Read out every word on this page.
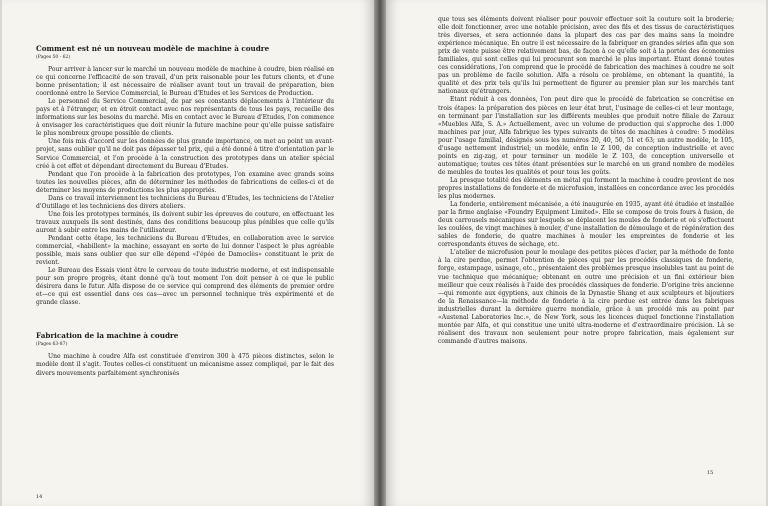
Comment est né un nouveau modèle de machine à coudre
(Pages 50 - 62)

Pour arriver à lancer sur le marché un nouveau modèle de machine à coudre, bien réalisé en ce qui concerne l'efficacité de son travail, d'un prix raisonable pour les futurs clients, et d'une bonne présentation; il est nécessaire de réaliser avant tout un travail de préparation, bien coordonné entre le Service Commercial, le Bureau d'Etudes et les Services de Production.

Le personnel du Service Commercial, de par ses constants déplacements à l'intérieur du pays et à l'étranger, et en étroit contact avec nos représentants de tous les pays, recueille des informations sur les besoins du marché. Mis en contact avec le Bureau d'Etudes, l'on commence à envisager les caractéristiques que doit réunir la future machine pour qu'elle puisse satisfaire le plus nombreux groupe possible de clients.

Une fois mis d'accord sur les données de plus grande importance, on met au point un avant-projet, sans oublier qu'il ne doit pas dépasser tel prix, qui a été donné à titre d'orientation par le Service Commercial, et l'on procède à la construction des prototypes dans un atelier spécial créé à cet effet et dépendant directement du Bureau d'Etudes.

Pendant que l'on procède à la fabrication des prototypes, l'on examine avec grands soins toutes les nouvelles pièces, afin de déterminer les méthodes de fabrications de celles-ci et de déterminer les moyens de productions les plus appropriés.

Dans ce travail interviennent les techniciens du Bureau d'Etudes, les techniciens de l'Atelier d'Outillage et les techniciens des divers ateliers.

Une fois les prototypes terminés, ils doivent subir les épreuves de couture, en effectuant les travaux auxquels ils sont destinés, dans des conditions beaucoup plus pénibles que celle qu'ils auront à subir entre les mains de l'utilisateur.

Pendant cette étape, les techniciens du Bureau d'Etudes, en collaboration avec le service commercial, «habillent» la machine, essayant en sorte de lui donner l'aspect le plus agréable possible, mais sans oublier que sur elle dépend «l'épée de Damoclès» constituant le prix de revient.

Le Bureau des Essais vient être le cerveau de toute industrie moderne, et est indispensable pour son propre progrès, étant donné qu'à tout moment l'on doit penser à ce que le public désirera dans le futur. Alfa dispose de ce service qui comprend des éléments de premier ordre et—ce qui est essentiel dans ces cas—avec un personnel technique très expérimenté et de grande classe.

Fabrication de la machine à coudre
(Pages 63-87)

Une machine à coudre Alfa est constituée d'environ 300 à 475 pièces distinctes, selon le modèle dont il s'agit. Toutes celles-ci constituent un mécanisme assez compliqué, par le fait des divers mouvements parfaitement synchronisés

14

que tous ses éléments doivent réaliser pour pouvoir effectuer soit la couture soit la broderie; elle doit fonctionner, avec une notable précision, avec des fils et des tissus de caractéristiques très diverses, et sera actionnée dans la plupart des cas par des mains sans la moindre expérience mécanique. En outre il est nécessaire de la fabriquer en grandes séries afin que son prix de vente puisse être relativement bas, de façon à ce qu'elle soit à la portée des économies familiales, qui sont celles qui lui procurent son marché le plus important. Etant donné toutes ces considérations, l'on comprend que le procédé de fabrication des machines à coudre ne soit pas un problème de facile solution. Alfa a résolu ce problème, en obtenant la quantité, la qualité et des prix tels qu'ils lui permettent de figurer au premier plan sur les marchés tant nationaux qu'étrangers.

Etant réduit à ces données, l'on peut dire que le procédé de fabrication se concrétise en trois étapes: la préparation des pièces en leur état brut, l'usinage de celles-ci et leur montage, en terminant par l'installation sur les différents meubles que produit notre filiale de Zarauz «Muebles Alfa, S. A.» Actuellement, avec un volume de production qui s'approche des 1.000 machines par jour, Alfa fabrique les types suivants de têtes de machines à coudre: 5 modèles pour l'usage familial, désignés sous les numéros 20, 40, 50, 51 et 63; un autre modèle, le 105, d'usage nettement industriel; un modèle, enfin le Z 100, de conception industrielle et avec points en zig-zag, et pour terminer un modèle le Z 103, de conception universelle et automatique; toutes ces têtes étant présentées sur le marché en un grand nombre de modèles de meubles de toutes les qualités et pour tous les goûts.

La presque totalité des éléments en métal qui forment la machine à coudre provient de nos propres installations de fonderie et de microfusion, installées en concordance avec les procédés les plus modernes.

La fonderie, entièrement mécanisée, a été inaugurée en 1935, ayant été étudiée et installée par la firme anglaise «Foundry Equipment Limited». Elle se compose de trois fours à fusion, de deux carrousels mécaniques sur lesquels se déplacent les moules de fonderie et où s'effectuent les coulées, de vingt machines à mouler, d'une installation de démoulage et de régénération des sables de fonderie, de quatre machines à mouler les empreintes de fonderie et les correspondants étuves de séchage, etc.

L'atelier de microfusion pour le moulage des petites pièces d'acier, par la méthode de fonte à la cire perdue, permet l'obtention de pièces qui par les procédés classiques de fonderie, forge, estampage, usinage, etc., présentaient des problèmes presque insolubles tant au point de vue technique que mécanique; obtenant en outre une précision et un fini extérieur bien meilleur que ceux réalisés à l'aide des procédés classiques de fonderie. D'origine très ancienne—qui remonte aux égyptiens, aux chinois de la Dynastie Shang et aux sculpteurs et bijoutiers de la Renaissance—la méthode de fonderie à la cire perdue est entrée dans les fabriques industrielles durant la dernière guerre mondiale, grâce à un procédé mis au point par «Austenal Laboratories Inc.», de New York, sous les licences duquel fonctionne l'installation montée par Alfa, et qui constitue une unité ultra-moderne et d'extraordinaire précision. Là se réalisent des travaux non seulement pour notre propre fabrication, mais également sur commande d'autres maisons.

15
